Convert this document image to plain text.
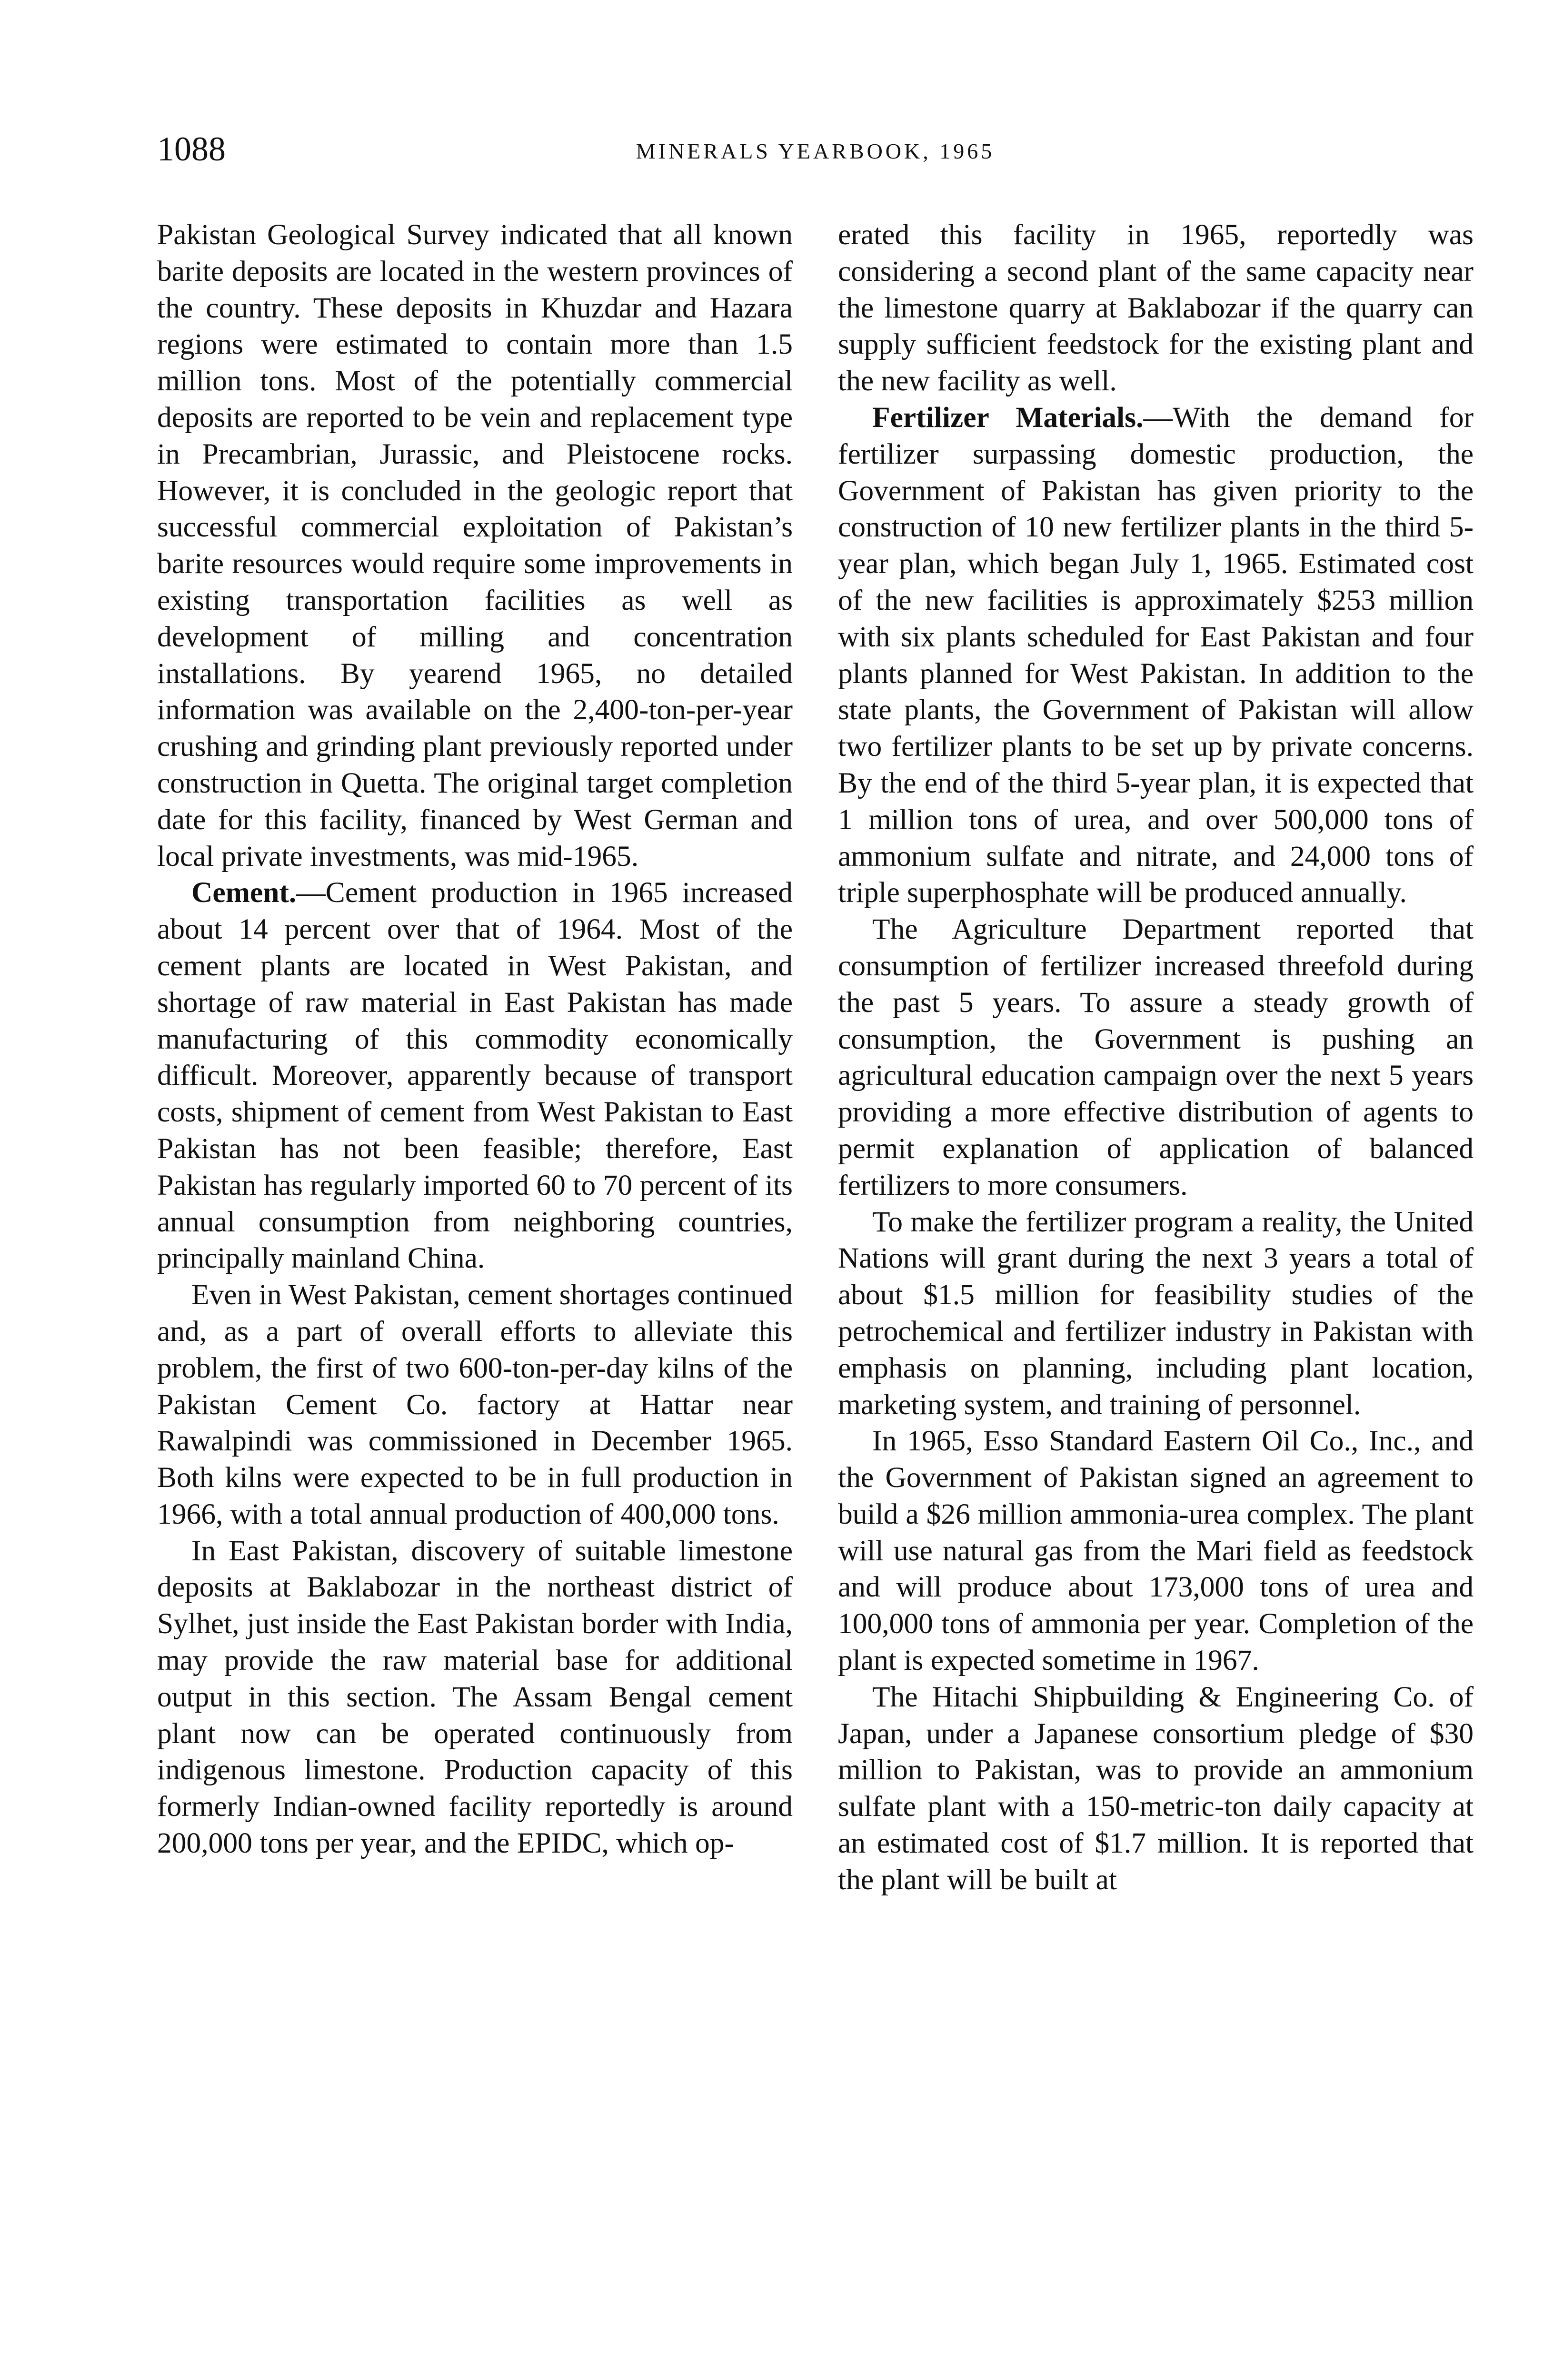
1088	MINERALS YEARBOOK, 1965

Pakistan Geological Survey indicated that all known barite deposits are located in the western provinces of the country. These deposits in Khuzdar and Hazara regions were estimated to contain more than 1.5 million tons. Most of the potentially commercial deposits are reported to be vein and replacement type in Precambrian, Jurassic, and Pleistocene rocks. However, it is concluded in the geologic report that successful commercial exploitation of Pakistan’s barite resources would require some improvements in existing transportation facilities as well as development of milling and concentration installations. By yearend 1965, no detailed information was available on the 2,400-ton-per-year crushing and grinding plant previously reported under construction in Quetta. The original target completion date for this facility, financed by West German and local private investments, was mid-1965.

Cement.—Cement production in 1965 increased about 14 percent over that of 1964. Most of the cement plants are located in West Pakistan, and shortage of raw material in East Pakistan has made manufacturing of this commodity economically difficult. Moreover, apparently because of transport costs, shipment of cement from West Pakistan to East Pakistan has not been feasible; therefore, East Pakistan has regularly imported 60 to 70 percent of its annual consumption from neighboring countries, principally mainland China.

Even in West Pakistan, cement shortages continued and, as a part of overall efforts to alleviate this problem, the first of two 600-ton-per-day kilns of the Pakistan Cement Co. factory at Hattar near Rawalpindi was commissioned in December 1965. Both kilns were expected to be in full production in 1966, with a total annual production of 400,000 tons.

In East Pakistan, discovery of suitable limestone deposits at Baklabozar in the northeast district of Sylhet, just inside the East Pakistan border with India, may provide the raw material base for additional output in this section. The Assam Bengal cement plant now can be operated continuously from indigenous limestone. Production capacity of this formerly Indian-owned facility reportedly is around 200,000 tons per year, and the EPIDC, which op-

erated this facility in 1965, reportedly was considering a second plant of the same capacity near the limestone quarry at Baklabozar if the quarry can supply sufficient feedstock for the existing plant and the new facility as well.

Fertilizer Materials.—With the demand for fertilizer surpassing domestic production, the Government of Pakistan has given priority to the construction of 10 new fertilizer plants in the third 5-year plan, which began July 1, 1965. Estimated cost of the new facilities is approximately $253 million with six plants scheduled for East Pakistan and four plants planned for West Pakistan. In addition to the state plants, the Government of Pakistan will allow two fertilizer plants to be set up by private concerns. By the end of the third 5-year plan, it is expected that 1 million tons of urea, and over 500,000 tons of ammonium sulfate and nitrate, and 24,000 tons of triple superphosphate will be produced annually.

The Agriculture Department reported that consumption of fertilizer increased threefold during the past 5 years. To assure a steady growth of consumption, the Government is pushing an agricultural education campaign over the next 5 years providing a more effective distribution of agents to permit explanation of application of balanced fertilizers to more consumers.

To make the fertilizer program a reality, the United Nations will grant during the next 3 years a total of about $1.5 million for feasibility studies of the petrochemical and fertilizer industry in Pakistan with emphasis on planning, including plant location, marketing system, and training of personnel.

In 1965, Esso Standard Eastern Oil Co., Inc., and the Government of Pakistan signed an agreement to build a $26 million ammonia-urea complex. The plant will use natural gas from the Mari field as feedstock and will produce about 173,000 tons of urea and 100,000 tons of ammonia per year. Completion of the plant is expected sometime in 1967.

The Hitachi Shipbuilding & Engineering Co. of Japan, under a Japanese consortium pledge of $30 million to Pakistan, was to provide an ammonium sulfate plant with a 150-metric-ton daily capacity at an estimated cost of $1.7 million. It is reported that the plant will be built at
